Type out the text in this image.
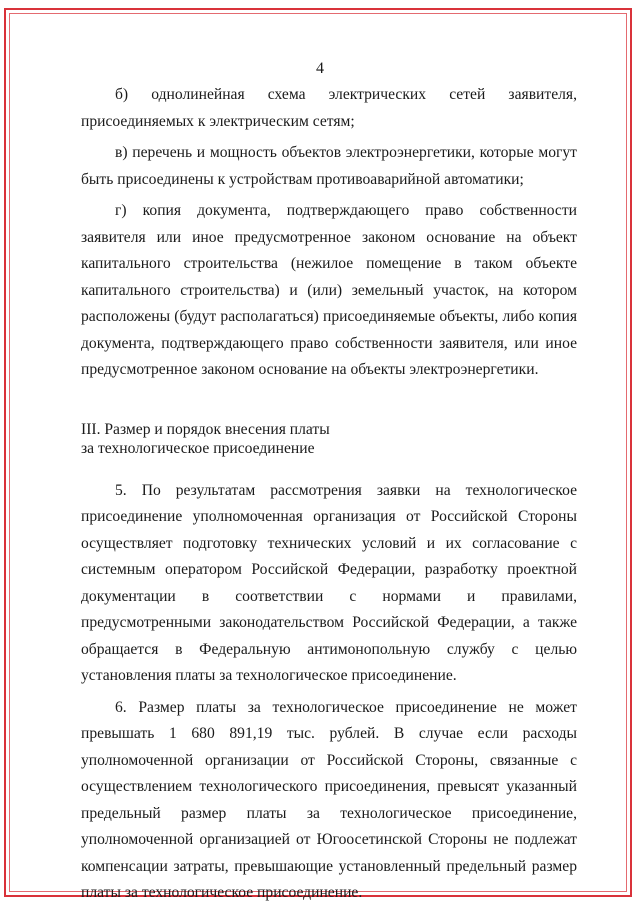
4

б) однолинейная схема электрических сетей заявителя, присоединяемых к электрическим сетям;

в) перечень и мощность объектов электроэнергетики, которые могут быть присоединены к устройствам противоаварийной автоматики;

г) копия документа, подтверждающего право собственности заявителя или иное предусмотренное законом основание на объект капитального строительства (нежилое помещение в таком объекте капитального строительства) и (или) земельный участок, на котором расположены (будут располагаться) присоединяемые объекты, либо копия документа, подтверждающего право собственности заявителя, или иное предусмотренное законом основание на объекты электроэнергетики.

III. Размер и порядок внесения платы
за технологическое присоединение

5. По результатам рассмотрения заявки на технологическое присоединение уполномоченная организация от Российской Стороны осуществляет подготовку технических условий и их согласование с системным оператором Российской Федерации, разработку проектной документации в соответствии с нормами и правилами, предусмотренными законодательством Российской Федерации, а также обращается в Федеральную антимонопольную службу с целью установления платы за технологическое присоединение.

6. Размер платы за технологическое присоединение не может превышать 1 680 891,19 тыс. рублей. В случае если расходы уполномоченной организации от Российской Стороны, связанные с осуществлением технологического присоединения, превысят указанный предельный размер платы за технологическое присоединение, уполномоченной организацией от Югоосетинской Стороны не подлежат компенсации затраты, превышающие установленный предельный размер платы за технологическое присоединение.
